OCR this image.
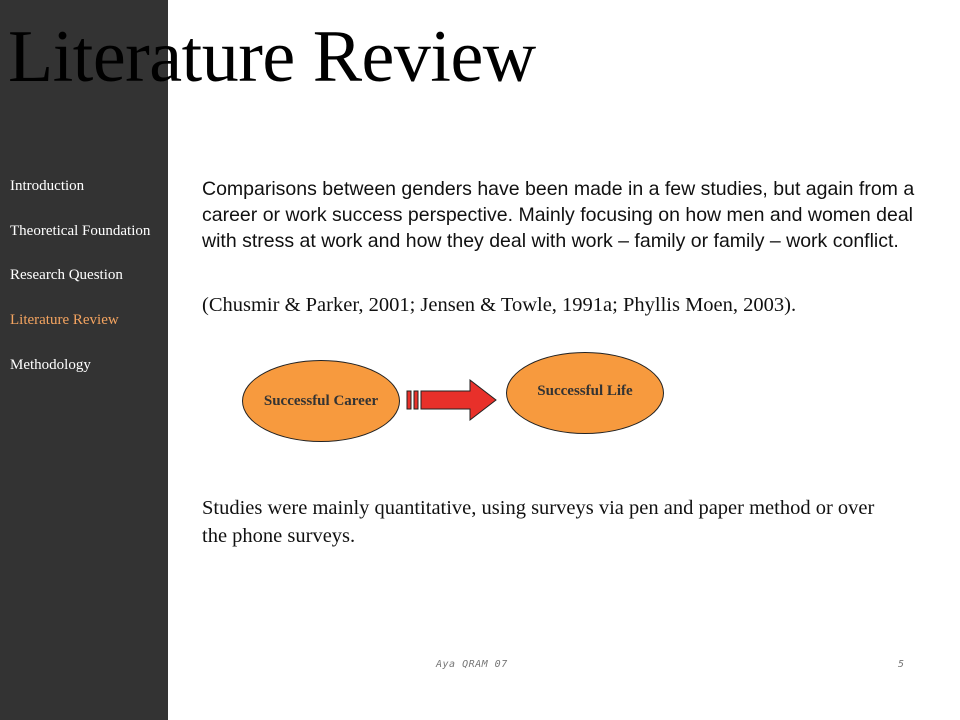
Introduction
Theoretical Foundation
Research Question
Literature Review
Methodology
Literature Review

Comparisons between genders have been made in a few studies, but again from a career or work success perspective. Mainly focusing on how men and women deal with stress at work and how they deal with work – family or family – work conflict.

(Chusmir & Parker, 2001; Jensen & Towle, 1991a; Phyllis Moen, 2003).

Successful Career
Successful Life

Studies were mainly quantitative, using surveys via pen and paper method or over the phone surveys.

Aya QRAM 07	5
